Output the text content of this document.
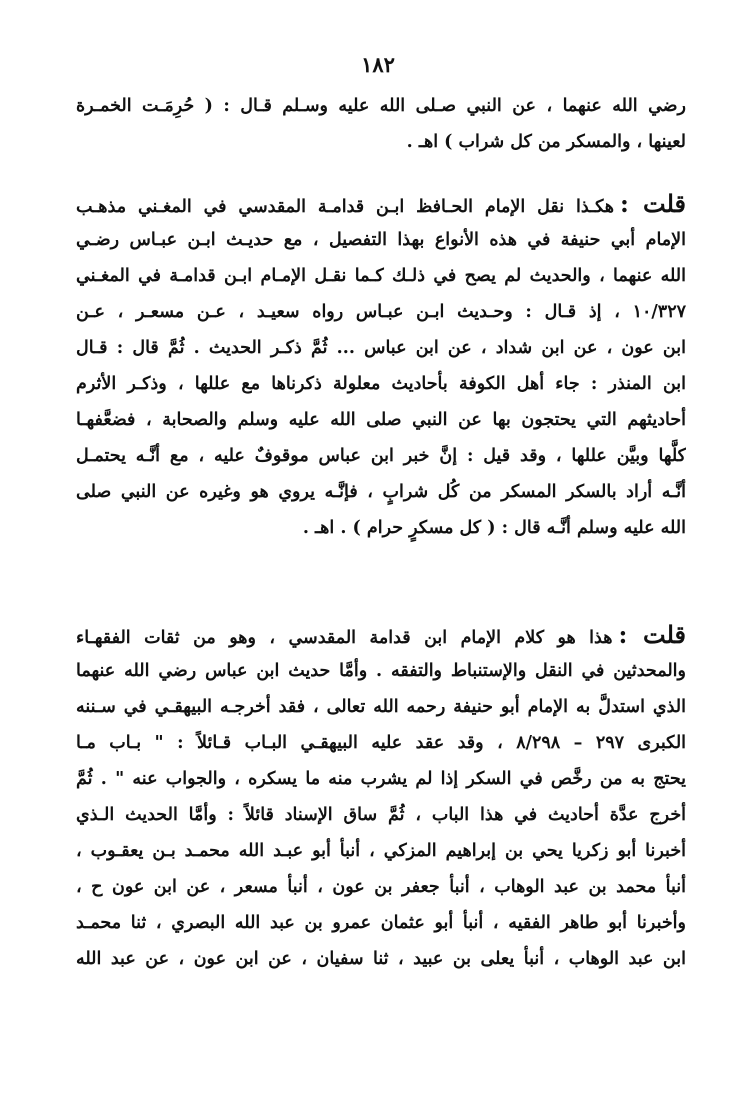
١٨٢
رضي الله عنهما ، عن النبي صـلى الله عليه وسـلم قـال : ( حُرِمَـت الخمـرة
لعينها ، والمسكر من كل شراب ) اهـ .
قلت :هكـذا نقل الإمام الحـافظ ابـن قدامـة المقدسي في المغـني مذهـب
الإمام أبي حنيفة في هذه الأنواع بهذا التفصيل ، مع حديـث ابـن عبـاس رضـي
الله عنهما ، والحديث لم يصح في ذلـك كـما نقـل الإمـام ابـن قدامـة في المغـني
١٠/٣٢٧ ، إذ قـال : وحـديث ابـن عبـاس رواه سعيـد ، عـن مسعـر ، عـن
ابن عون ، عن ابن شداد ، عن ابن عباس ... ثُمَّ ذكـر الحديث . ثُمَّ قال : قـال
ابن المنذر : جاء أهل الكوفة بأحاديث معلولة ذكرناها مع عللها ، وذكـر الأثرم
أحاديثهم التي يحتجون بها عن النبي صلى الله عليه وسلم والصحابة ، فضعَّفهـا
كلَّها وبيَّن عللها ، وقد قيل : إنَّ خبر ابن عباس موقوفٌ عليه ، مع أنَّـه يحتمـل
أنَّـه أراد بالسكر المسكر من كُل شرابٍ ، فإنَّـه يروي هو وغيره عن النبي صلى
الله عليه وسلم أنَّـه قال : ( كل مسكرٍ حرام ) . اهـ .
قلت :هذا هو كلام الإمام ابن قدامة المقدسي ، وهو من ثقات الفقهـاء
والمحدثين في النقل والإستنباط والتفقه . وأمَّا حديث ابن عباس رضي الله عنهما
الذي استدلَّ به الإمام أبو حنيفة رحمه الله تعالى ، فقد أخرجـه البيهقـي في سـننه
الكبرى ٢٩٧ – ٨/٢٩٨ ، وقد عقد عليه البيهقـي البـاب قـائلاً : " بـاب مـا
يحتج به من رخَّص في السكر إذا لم يشرب منه ما يسكره ، والجواب عنه " . ثُمَّ
أخرج عدَّة أحاديث في هذا الباب ، ثُمَّ ساق الإسناد قائلاً : وأمَّا الحديث الـذي
أخبرنا أبو زكريا يحي بن إبراهيم المزكي ، أنبأ أبو عبـد الله محمـد بـن يعقـوب ،
أنبأ محمد بن عبد الوهاب ، أنبأ جعفر بن عون ، أنبأ مسعر ، عن ابن عون ح ،
وأخبرنا أبو طاهر الفقيه ، أنبأ أبو عثمان عمرو بن عبد الله البصري ، ثنا محمـد
ابن عبد الوهاب ، أنبأ يعلى بن عبيد ، ثنا سفيان ، عن ابن عون ، عن عبد الله
